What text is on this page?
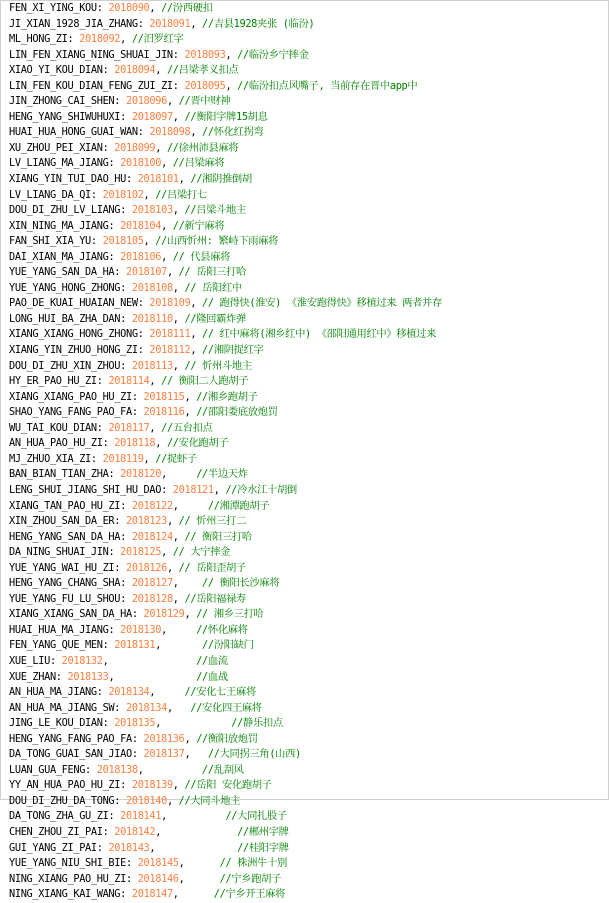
FEN_XI_YING_KOU: 2018090, //汾西硬扣
JI_XIAN_1928_JIA_ZHANG: 2018091, //吉县1928夹张 (临汾)
ML_HONG_ZI: 2018092, //汨罗红字
LIN_FEN_XIANG_NING_SHUAI_JIN: 2018093, //临汾乡宁摔金
XIAO_YI_KOU_DIAN: 2018094, //吕梁孝义扣点
LIN_FEN_KOU_DIAN_FENG_ZUI_ZI: 2018095, //临汾扣点风嘴子, 当前存在晋中app中
JIN_ZHONG_CAI_SHEN: 2018096, //晋中财神
HENG_YANG_SHIWUHUXI: 2018097, //衡阳字牌15胡息
HUAI_HUA_HONG_GUAI_WAN: 2018098, //怀化红拐弯
XU_ZHOU_PEI_XIAN: 2018099, //徐州沛县麻将
LV_LIANG_MA_JIANG: 2018100, //吕梁麻将
XIANG_YIN_TUI_DAO_HU: 2018101, //湘阴推倒胡
LV_LIANG_DA_QI: 2018102, //吕梁打七
DOU_DI_ZHU_LV_LIANG: 2018103, //吕梁斗地主
XIN_NING_MA_JIANG: 2018104, //新宁麻将
FAN_SHI_XIA_YU: 2018105, //山西忻州: 繁峙下雨麻将
DAI_XIAN_MA_JIANG: 2018106, // 代县麻将
YUE_YANG_SAN_DA_HA: 2018107, // 岳阳三打哈
YUE_YANG_HONG_ZHONG: 2018108, // 岳阳红中
PAO_DE_KUAI_HUAIAN_NEW: 2018109, // 跑得快(淮安) 《淮安跑得快》移植过来 两者并存
LONG_HUI_BA_ZHA_DAN: 2018110, //隆回霸炸弹
XIANG_XIANG_HONG_ZHONG: 2018111, // 红中麻将(湘乡红中) 《邵阳通用红中》移植过来
XIANG_YIN_ZHUO_HONG_ZI: 2018112, //湘阴捉红字
DOU_DI_ZHU_XIN_ZHOU: 2018113, // 忻州斗地主
HY_ER_PAO_HU_ZI: 2018114, // 衡阳二人跑胡子
XIANG_XIANG_PAO_HU_ZI: 2018115, //湘乡跑胡子
SHAO_YANG_FANG_PAO_FA: 2018116, //邵阳娄底放炮罚
WU_TAI_KOU_DIAN: 2018117, //五台扣点
AN_HUA_PAO_HU_ZI: 2018118, //安化跑胡子
MJ_ZHUO_XIA_ZI: 2018119, //捉虾子
BAN_BIAN_TIAN_ZHA: 2018120,     //半边天炸
LENG_SHUI_JIANG_SHI_HU_DAO: 2018121, //冷水江十胡倒
XIANG_TAN_PAO_HU_ZI: 2018122,     //湘潭跑胡子
XIN_ZHOU_SAN_DA_ER: 2018123, // 忻州三打二
HENG_YANG_SAN_DA_HA: 2018124, // 衡阳三打哈
DA_NING_SHUAI_JIN: 2018125, // 大宁摔金
YUE_YANG_WAI_HU_ZI: 2018126, // 岳阳歪胡子
HENG_YANG_CHANG_SHA: 2018127,    // 衡阳长沙麻将
YUE_YANG_FU_LU_SHOU: 2018128, //岳阳福禄寿
XIANG_XIANG_SAN_DA_HA: 2018129, // 湘乡三打哈
HUAI_HUA_MA_JIANG: 2018130,     //怀化麻将
FEN_YANG_QUE_MEN: 2018131,       //汾阳缺门
XUE_LIU: 2018132,               //血流
XUE_ZHAN: 2018133,              //血战
AN_HUA_MA_JIANG: 2018134,     //安化七王麻将
AN_HUA_MA_JIANG_SW: 2018134,   //安化四王麻将
JING_LE_KOU_DIAN: 2018135,            //静乐扣点
HENG_YANG_FANG_PAO_FA: 2018136, //衡阳放炮罚
DA_TONG_GUAI_SAN_JIAO: 2018137,   //大同拐三角(山西)
LUAN_GUA_FENG: 2018138,          //乱刮风
YY_AN_HUA_PAO_HU_ZI: 2018139, //岳阳 安化跑胡子
DOU_DI_ZHU_DA_TONG: 2018140, //大同斗地主
DA_TONG_ZHA_GU_ZI: 2018141,          //大同扎股子
CHEN_ZHOU_ZI_PAI: 2018142,             //郴州字牌
GUI_YANG_ZI_PAI: 2018143,              //桂阳字牌
YUE_YANG_NIU_SHI_BIE: 2018145,      // 株洲牛十别
NING_XIANG_PAO_HU_ZI: 2018146,      //宁乡跑胡子
NING_XIANG_KAI_WANG: 2018147,      //宁乡开王麻将
